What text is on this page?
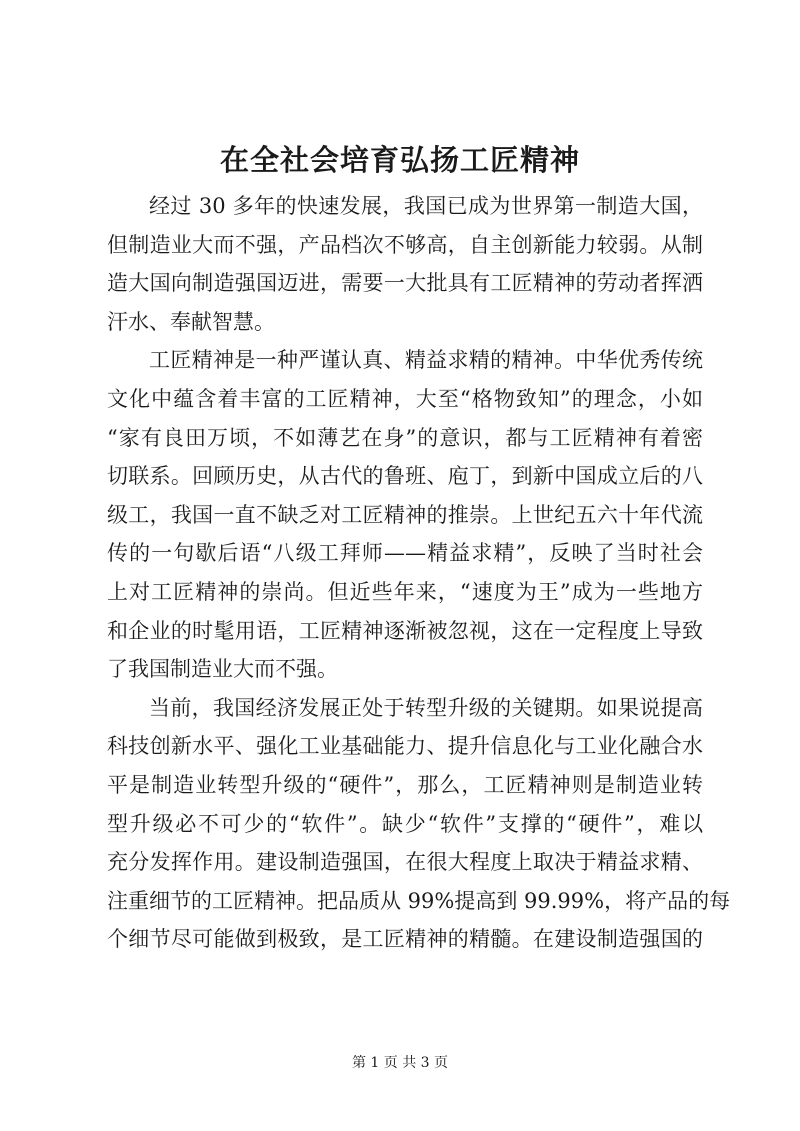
在全社会培育弘扬工匠精神
经过 30 多年的快速发展，我国已成为世界第一制造大国，
但制造业大而不强，产品档次不够高，自主创新能力较弱。从制
造大国向制造强国迈进，需要一大批具有工匠精神的劳动者挥洒
汗水、奉献智慧。
工匠精神是一种严谨认真、精益求精的精神。中华优秀传统
文化中蕴含着丰富的工匠精神，大至“格物致知”的理念，小如
“家有良田万顷，不如薄艺在身”的意识，都与工匠精神有着密
切联系。回顾历史，从古代的鲁班、庖丁，到新中国成立后的八
级工，我国一直不缺乏对工匠精神的推崇。上世纪五六十年代流
传的一句歇后语“八级工拜师——精益求精”，反映了当时社会
上对工匠精神的崇尚。但近些年来，“速度为王”成为一些地方
和企业的时髦用语，工匠精神逐渐被忽视，这在一定程度上导致
了我国制造业大而不强。
当前，我国经济发展正处于转型升级的关键期。如果说提高
科技创新水平、强化工业基础能力、提升信息化与工业化融合水
平是制造业转型升级的“硬件”，那么，工匠精神则是制造业转
型升级必不可少的“软件”。缺少“软件”支撑的“硬件”，难以
充分发挥作用。建设制造强国，在很大程度上取决于精益求精、
注重细节的工匠精神。把品质从 99%提高到 99.99%，将产品的每
个细节尽可能做到极致，是工匠精神的精髓。在建设制造强国的
第 1 页 共 3 页
